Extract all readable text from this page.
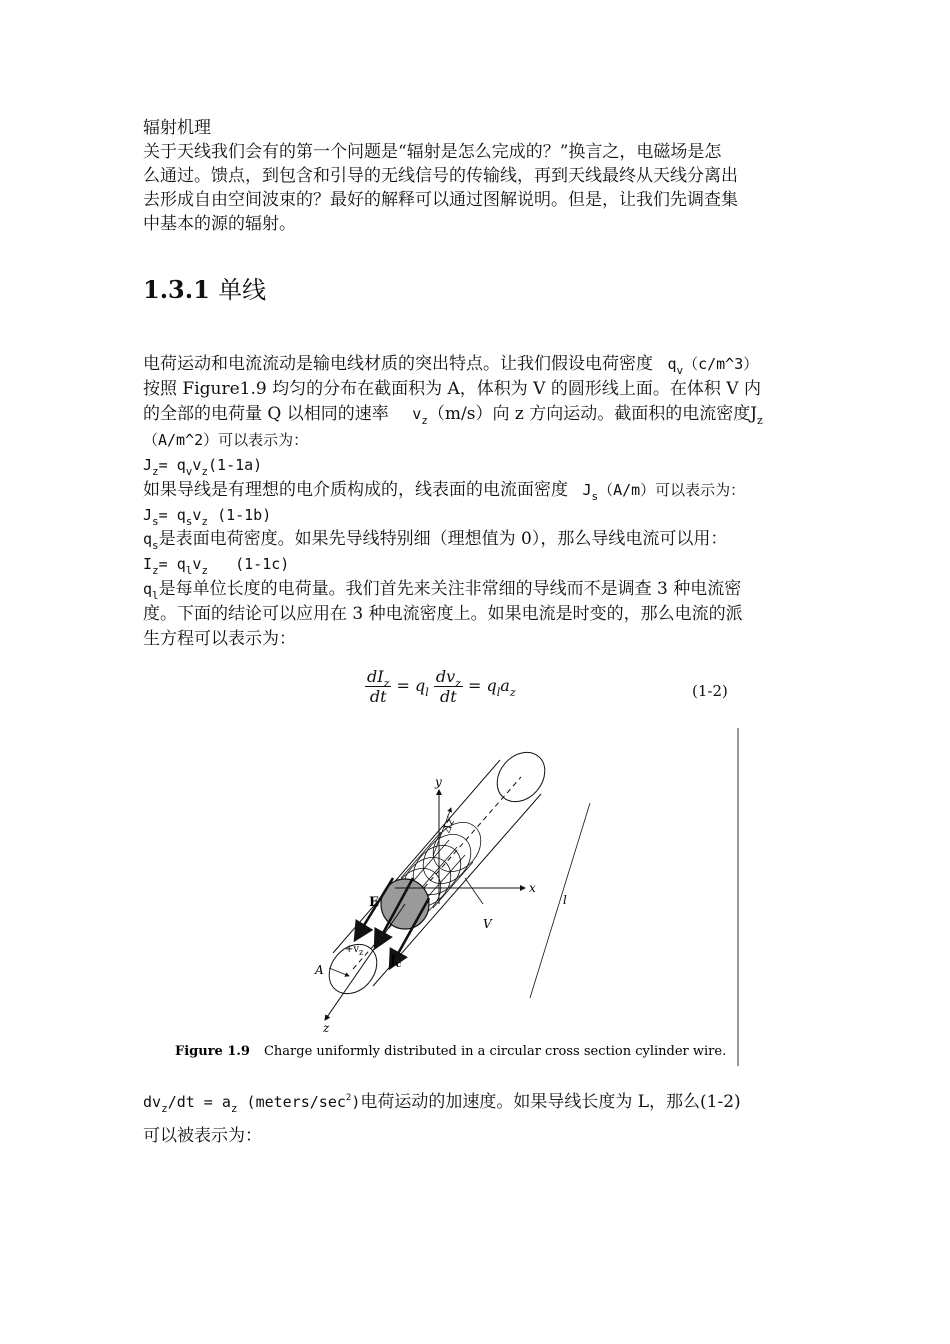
辐射机理
关于天线我们会有的第一个问题是“辐射是怎么完成的？”换言之，电磁场是怎
么通过。馈点，到包含和引导的无线信号的传输线，再到天线最终从天线分离出
去形成自由空间波束的？最好的解释可以通过图解说明。但是，让我们先调查集
中基本的源的辐射。
1.3.1 单线
电荷运动和电流流动是输电线材质的突出特点。让我们假设电荷密度 $q_v(c/m\^{}3)$
按照 Figure1.9 均匀的分布在截面积为 A，体积为 V 的圆形线上面。在体积 V 内
的全部的电荷量 Q 以相同的速率 $v_z(m/s)$向 z 方向运动。截面积的电流密度$J_z$
（A/m^2）可以表示为：
$J_z= q_vv_z(1-1a)$
如果导线是有理想的电介质构成的，线表面的电流面密度 $J_s(A/m)$可以表示为：
$J_s= q_sv_z$ (1-1b)
$q_s$是表面电荷密度。如果先导线特别细（理想值为 0），那么导线电流可以用：
$I_z= q_lv_z$ (1-1c)
$q_l$是每单位长度的电荷量。我们首先来关注非常细的导线而不是调查 3 种电流密
度。下面的结论可以应用在 3 种电流密度上。如果电流是时变的，那么电流的派
生方程可以表示为：
$\frac{dI_z}{dt} = q_l \frac{dv_z}{dt} = q_la_z$	(1-2)
y
x
z
Δz′
l
V
E
$+v_z$
$J_c$
A
Figure 1.9 Charge uniformly distributed in a circular cross section cylinder wire.
$dv_z/dt = a_z$ $(meters/\sec^2)$电荷运动的加速度。如果导线长度为 L，那么(1-2)
可以被表示为：
